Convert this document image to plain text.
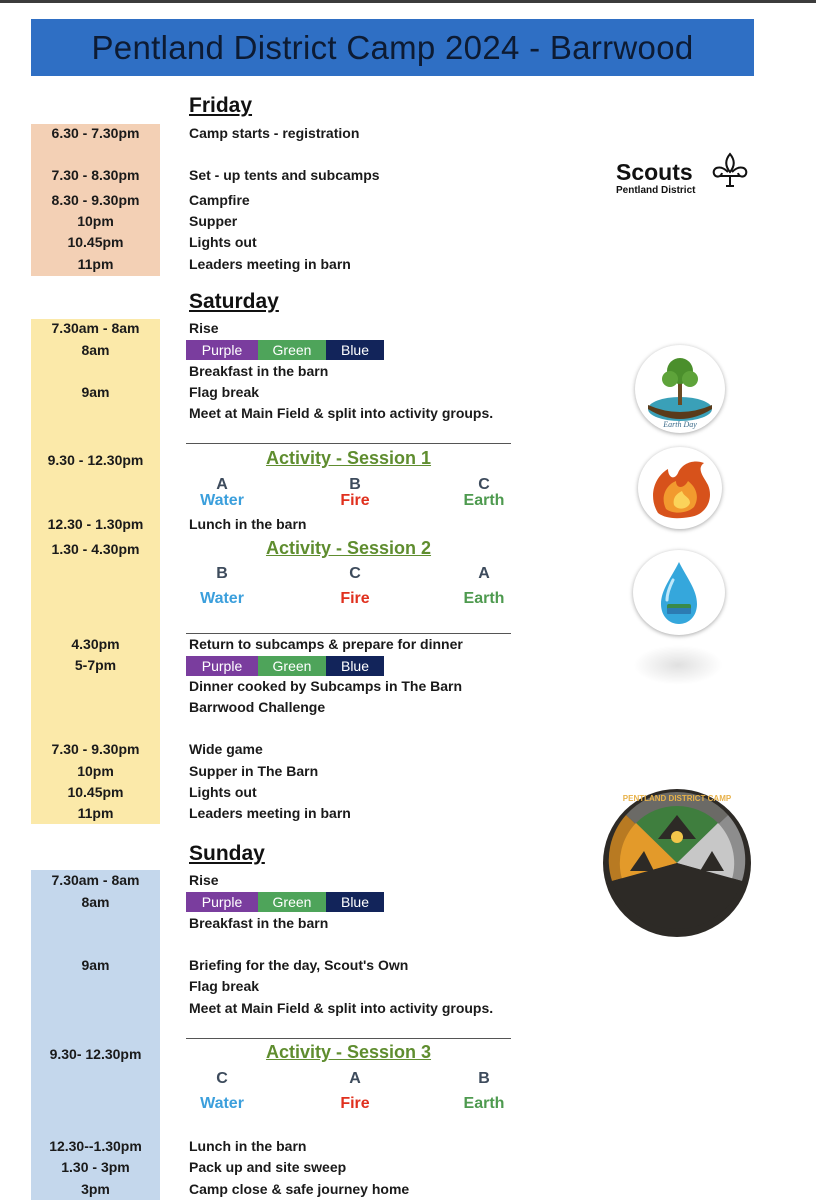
Pentland District Camp 2024 - Barrwood
Friday
6.30 - 7.30pm	Camp starts - registration
7.30 - 8.30pm	Set - up tents and subcamps
8.30 - 9.30pm	Campfire
10pm	Supper
10.45pm	Lights out
11pm	Leaders meeting in barn
Saturday
7.30am - 8am	Rise
8am	Purple	Green	Blue
Breakfast in the barn
9am	Flag break
Meet at Main Field & split into activity groups.
9.30 - 12.30pm	Activity - Session 1
A	B	C
Water	Fire	Earth
12.30 - 1.30pm	Lunch in the barn
1.30 - 4.30pm	Activity - Session 2
B	C	A
Water	Fire	Earth
4.30pm	Return to subcamps & prepare for dinner
5-7pm	Purple	Green	Blue
Dinner cooked by Subcamps in The Barn
Barrwood Challenge
7.30 - 9.30pm	Wide game
10pm	Supper in The Barn
10.45pm	Lights out
11pm	Leaders meeting in barn
Sunday
7.30am - 8am	Rise
8am	Purple	Green	Blue
Breakfast in the barn
9am	Briefing for the day, Scout's Own
Flag break
Meet at Main Field & split into activity groups.
9.30- 12.30pm	Activity - Session 3
C	A	B
Water	Fire	Earth
12.30--1.30pm	Lunch in the barn
1.30 - 3pm	Pack up and site sweep
3pm	Camp close & safe journey home
Scouts
Pentland District
Earth Day
PENTLAND DISTRICT CAMP
